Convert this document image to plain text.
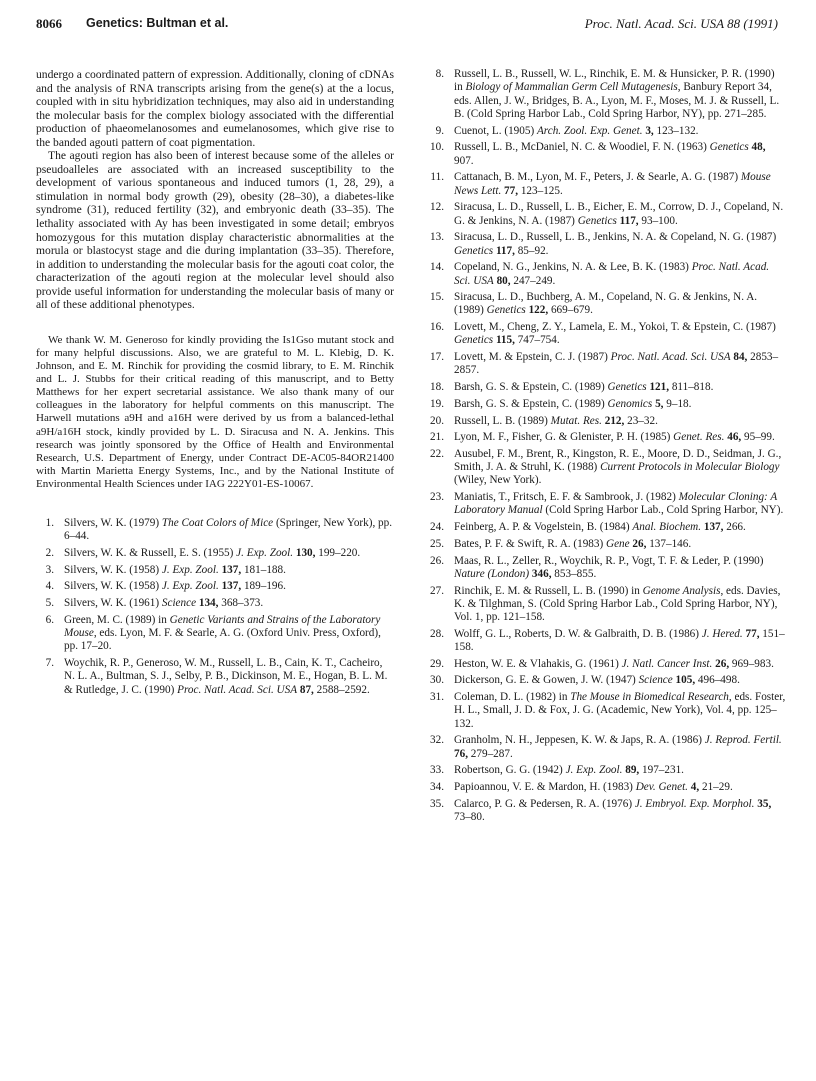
8066 Genetics: Bultman et al.	Proc. Natl. Acad. Sci. USA 88 (1991)

undergo a coordinated pattern of expression. Additionally, cloning of cDNAs and the analysis of RNA transcripts arising from the gene(s) at the a locus, coupled with in situ hybridization techniques, may also aid in understanding the molecular basis for the complex biology associated with the differential production of phaeomelanosomes and eumelanosomes, which give rise to the banded agouti pattern of coat pigmentation.

The agouti region has also been of interest because some of the alleles or pseudoalleles are associated with an increased susceptibility to the development of various spontaneous and induced tumors (1, 28, 29), a stimulation in normal body growth (29), obesity (28–30), a diabetes-like syndrome (31), reduced fertility (32), and embryonic death (33–35). The lethality associated with Ay has been investigated in some detail; embryos homozygous for this mutation display characteristic abnormalities at the morula or blastocyst stage and die during implantation (33–35). Therefore, in addition to understanding the molecular basis for the agouti coat color, the characterization of the agouti region at the molecular level should also provide useful information for understanding the molecular basis of many or all of these additional phenotypes.

We thank W. M. Generoso for kindly providing the Is1Gso mutant stock and for many helpful discussions. Also, we are grateful to M. L. Klebig, D. K. Johnson, and E. M. Rinchik for providing the cosmid library, to E. M. Rinchik and L. J. Stubbs for their critical reading of this manuscript, and to Betty Matthews for her expert secretarial assistance. We also thank many of our colleagues in the laboratory for helpful comments on this manuscript. The Harwell mutations a9H and a16H were derived by us from a balanced-lethal a9H/a16H stock, kindly provided by L. D. Siracusa and N. A. Jenkins. This research was jointly sponsored by the Office of Health and Environmental Research, U.S. Department of Energy, under Contract DE-AC05-84OR21400 with Martin Marietta Energy Systems, Inc., and by the National Institute of Environmental Health Sciences under IAG 222Y01-ES-10067.

1. Silvers, W. K. (1979) The Coat Colors of Mice (Springer, New York), pp. 6–44.
2. Silvers, W. K. & Russell, E. S. (1955) J. Exp. Zool. 130, 199–220.
3. Silvers, W. K. (1958) J. Exp. Zool. 137, 181–188.
4. Silvers, W. K. (1958) J. Exp. Zool. 137, 189–196.
5. Silvers, W. K. (1961) Science 134, 368–373.
6. Green, M. C. (1989) in Genetic Variants and Strains of the Laboratory Mouse, eds. Lyon, M. F. & Searle, A. G. (Oxford Univ. Press, Oxford), pp. 17–20.
7. Woychik, R. P., Generoso, W. M., Russell, L. B., Cain, K. T., Cacheiro, N. L. A., Bultman, S. J., Selby, P. B., Dickinson, M. E., Hogan, B. L. M. & Rutledge, J. C. (1990) Proc. Natl. Acad. Sci. USA 87, 2588–2592.
8. Russell, L. B., Russell, W. L., Rinchik, E. M. & Hunsicker, P. R. (1990) in Biology of Mammalian Germ Cell Mutagenesis, Banbury Report 34, eds. Allen, J. W., Bridges, B. A., Lyon, M. F., Moses, M. J. & Russell, L. B. (Cold Spring Harbor Lab., Cold Spring Harbor, NY), pp. 271–285.
9. Cuenot, L. (1905) Arch. Zool. Exp. Genet. 3, 123–132.
10. Russell, L. B., McDaniel, N. C. & Woodiel, F. N. (1963) Genetics 48, 907.
11. Cattanach, B. M., Lyon, M. F., Peters, J. & Searle, A. G. (1987) Mouse News Lett. 77, 123–125.
12. Siracusa, L. D., Russell, L. B., Eicher, E. M., Corrow, D. J., Copeland, N. G. & Jenkins, N. A. (1987) Genetics 117, 93–100.
13. Siracusa, L. D., Russell, L. B., Jenkins, N. A. & Copeland, N. G. (1987) Genetics 117, 85–92.
14. Copeland, N. G., Jenkins, N. A. & Lee, B. K. (1983) Proc. Natl. Acad. Sci. USA 80, 247–249.
15. Siracusa, L. D., Buchberg, A. M., Copeland, N. G. & Jenkins, N. A. (1989) Genetics 122, 669–679.
16. Lovett, M., Cheng, Z. Y., Lamela, E. M., Yokoi, T. & Epstein, C. (1987) Genetics 115, 747–754.
17. Lovett, M. & Epstein, C. J. (1987) Proc. Natl. Acad. Sci. USA 84, 2853–2857.
18. Barsh, G. S. & Epstein, C. (1989) Genetics 121, 811–818.
19. Barsh, G. S. & Epstein, C. (1989) Genomics 5, 9–18.
20. Russell, L. B. (1989) Mutat. Res. 212, 23–32.
21. Lyon, M. F., Fisher, G. & Glenister, P. H. (1985) Genet. Res. 46, 95–99.
22. Ausubel, F. M., Brent, R., Kingston, R. E., Moore, D. D., Seidman, J. G., Smith, J. A. & Struhl, K. (1988) Current Protocols in Molecular Biology (Wiley, New York).
23. Maniatis, T., Fritsch, E. F. & Sambrook, J. (1982) Molecular Cloning: A Laboratory Manual (Cold Spring Harbor Lab., Cold Spring Harbor, NY).
24. Feinberg, A. P. & Vogelstein, B. (1984) Anal. Biochem. 137, 266.
25. Bates, P. F. & Swift, R. A. (1983) Gene 26, 137–146.
26. Maas, R. L., Zeller, R., Woychik, R. P., Vogt, T. F. & Leder, P. (1990) Nature (London) 346, 853–855.
27. Rinchik, E. M. & Russell, L. B. (1990) in Genome Analysis, eds. Davies, K. & Tilghman, S. (Cold Spring Harbor Lab., Cold Spring Harbor, NY), Vol. 1, pp. 121–158.
28. Wolff, G. L., Roberts, D. W. & Galbraith, D. B. (1986) J. Hered. 77, 151–158.
29. Heston, W. E. & Vlahakis, G. (1961) J. Natl. Cancer Inst. 26, 969–983.
30. Dickerson, G. E. & Gowen, J. W. (1947) Science 105, 496–498.
31. Coleman, D. L. (1982) in The Mouse in Biomedical Research, eds. Foster, H. L., Small, J. D. & Fox, J. G. (Academic, New York), Vol. 4, pp. 125–132.
32. Granholm, N. H., Jeppesen, K. W. & Japs, R. A. (1986) J. Reprod. Fertil. 76, 279–287.
33. Robertson, G. G. (1942) J. Exp. Zool. 89, 197–231.
34. Papioannou, V. E. & Mardon, H. (1983) Dev. Genet. 4, 21–29.
35. Calarco, P. G. & Pedersen, R. A. (1976) J. Embryol. Exp. Morphol. 35, 73–80.
